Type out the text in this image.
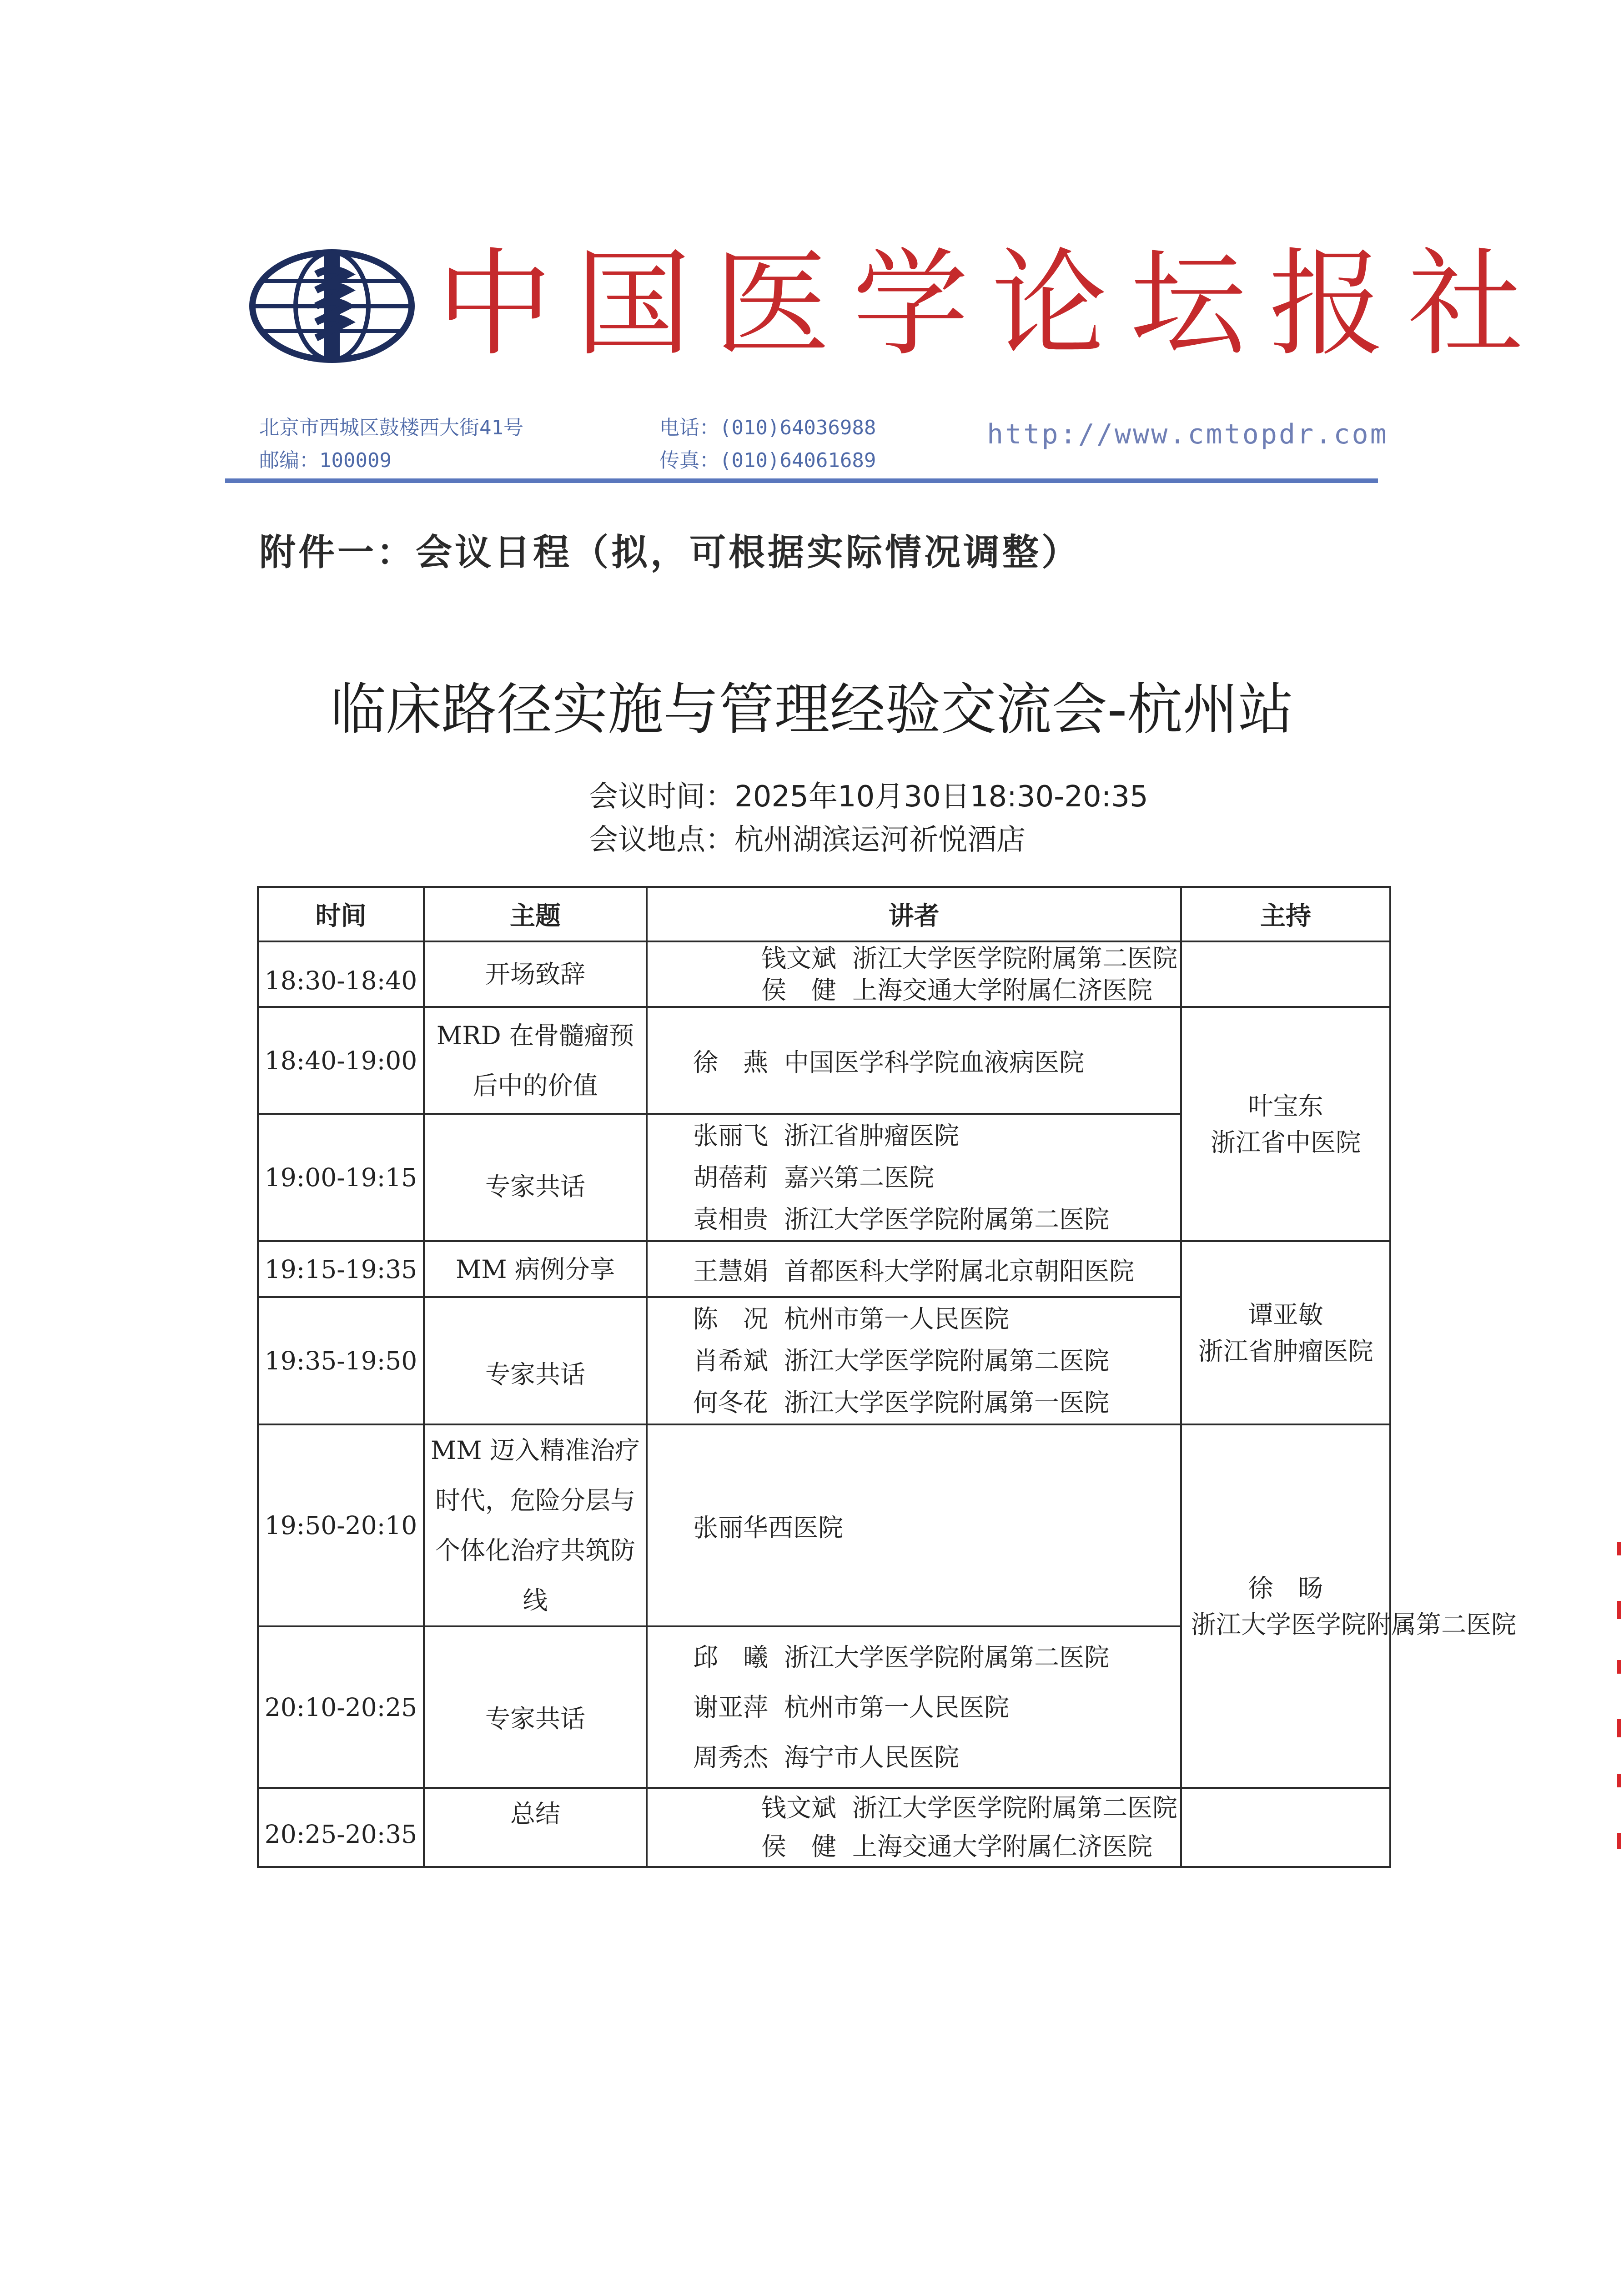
中国医学论坛报社
北京市西城区鼓楼西大街41号
邮编：100009
电话：(010)64036988
传真：(010)64061689
http://www.cmtopdr.com
附件一：会议日程（拟，可根据实际情况调整）
临床路径实施与管理经验交流会-杭州站
会议时间：2025年10月30日18:30-20:35
会议地点：杭州湖滨运河祈悦酒店
时间	主题	讲者	主持
18:30-18:40	开场致辞	钱文斌 浙江大学医学院附属第二医院
侯　健 上海交通大学附属仁济医院	

18:40-19:00	MRD 在骨髓瘤预后中的价值	徐　燕 中国医学科学院血液病医院	叶宝东
浙江省中医院

19:00-19:15	专家共话	张丽飞 浙江省肿瘤医院
胡蓓莉 嘉兴第二医院
袁相贵 浙江大学医学院附属第二医院	

19:15-19:35	MM 病例分享	王慧娟 首都医科大学附属北京朝阳医院	谭亚敏
浙江省肿瘤医院

19:35-19:50	专家共话	陈　况 杭州市第一人民医院
肖希斌 浙江大学医学院附属第二医院
何冬花 浙江大学医学院附属第一医院	

19:50-20:10	MM 迈入精准治疗时代，危险分层与个体化治疗共筑防线	张丽华西医院	徐　旸
浙江大学医学院附属第二医院

20:10-20:25	专家共话	邱　曦 浙江大学医学院附属第二医院
谢亚萍 杭州市第一人民医院
周秀杰 海宁市人民医院	

20:25-20:35	总结	钱文斌 浙江大学医学院附属第二医院
侯　健 上海交通大学附属仁济医院	
